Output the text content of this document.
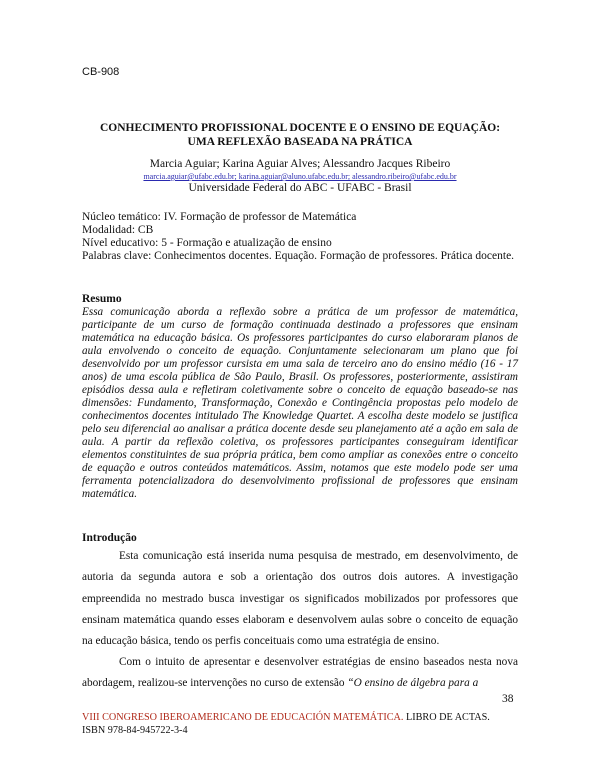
CB-908
CONHECIMENTO PROFISSIONAL DOCENTE E O ENSINO DE EQUAÇÃO:
UMA REFLEXÃO BASEADA NA PRÁTICA
Marcia Aguiar; Karina Aguiar Alves; Alessandro Jacques Ribeiro
marcia.aguiar@ufabc.edu.br; karina.aguiar@aluno.ufabc.edu.br; alessandro.ribeiro@ufabc.edu.br
Universidade Federal do ABC - UFABC - Brasil
Núcleo temático: IV. Formação de professor de Matemática
Modalidad: CB
Nível educativo: 5 - Formação e atualização de ensino
Palabras clave: Conhecimentos docentes. Equação. Formação de professores. Prática docente.
Resumo
Essa comunicação aborda a reflexão sobre a prática de um professor de matemática, participante de um curso de formação continuada destinado a professores que ensinam matemática na educação básica. Os professores participantes do curso elaboraram planos de aula envolvendo o conceito de equação. Conjuntamente selecionaram um plano que foi desenvolvido por um professor cursista em uma sala de terceiro ano do ensino médio (16 - 17 anos) de uma escola pública de São Paulo, Brasil. Os professores, posteriormente, assistiram episódios dessa aula e refletiram coletivamente sobre o conceito de equação baseado-se nas dimensões: Fundamento, Transformação, Conexão e Contingência propostas pelo modelo de conhecimentos docentes intitulado The Knowledge Quartet. A escolha deste modelo se justifica pelo seu diferencial ao analisar a prática docente desde seu planejamento até a ação em sala de aula. A partir da reflexão coletiva, os professores participantes conseguiram identificar elementos constituintes de sua própria prática, bem como ampliar as conexões entre o conceito de equação e outros conteúdos matemáticos. Assim, notamos que este modelo pode ser uma ferramenta potencializadora do desenvolvimento profissional de professores que ensinam matemática.
Introdução
Esta comunicação está inserida numa pesquisa de mestrado, em desenvolvimento, de autoria da segunda autora e sob a orientação dos outros dois autores. A investigação empreendida no mestrado busca investigar os significados mobilizados por professores que ensinam matemática quando esses elaboram e desenvolvem aulas sobre o conceito de equação na educação básica, tendo os perfis conceituais como uma estratégia de ensino.
Com o intuito de apresentar e desenvolver estratégias de ensino baseados nesta nova abordagem, realizou-se intervenções no curso de extensão “O ensino de álgebra para a
38
VIII CONGRESO IBEROAMERICANO DE EDUCACIÓN MATEMÁTICA. LIBRO DE ACTAS.
ISBN 978-84-945722-3-4
